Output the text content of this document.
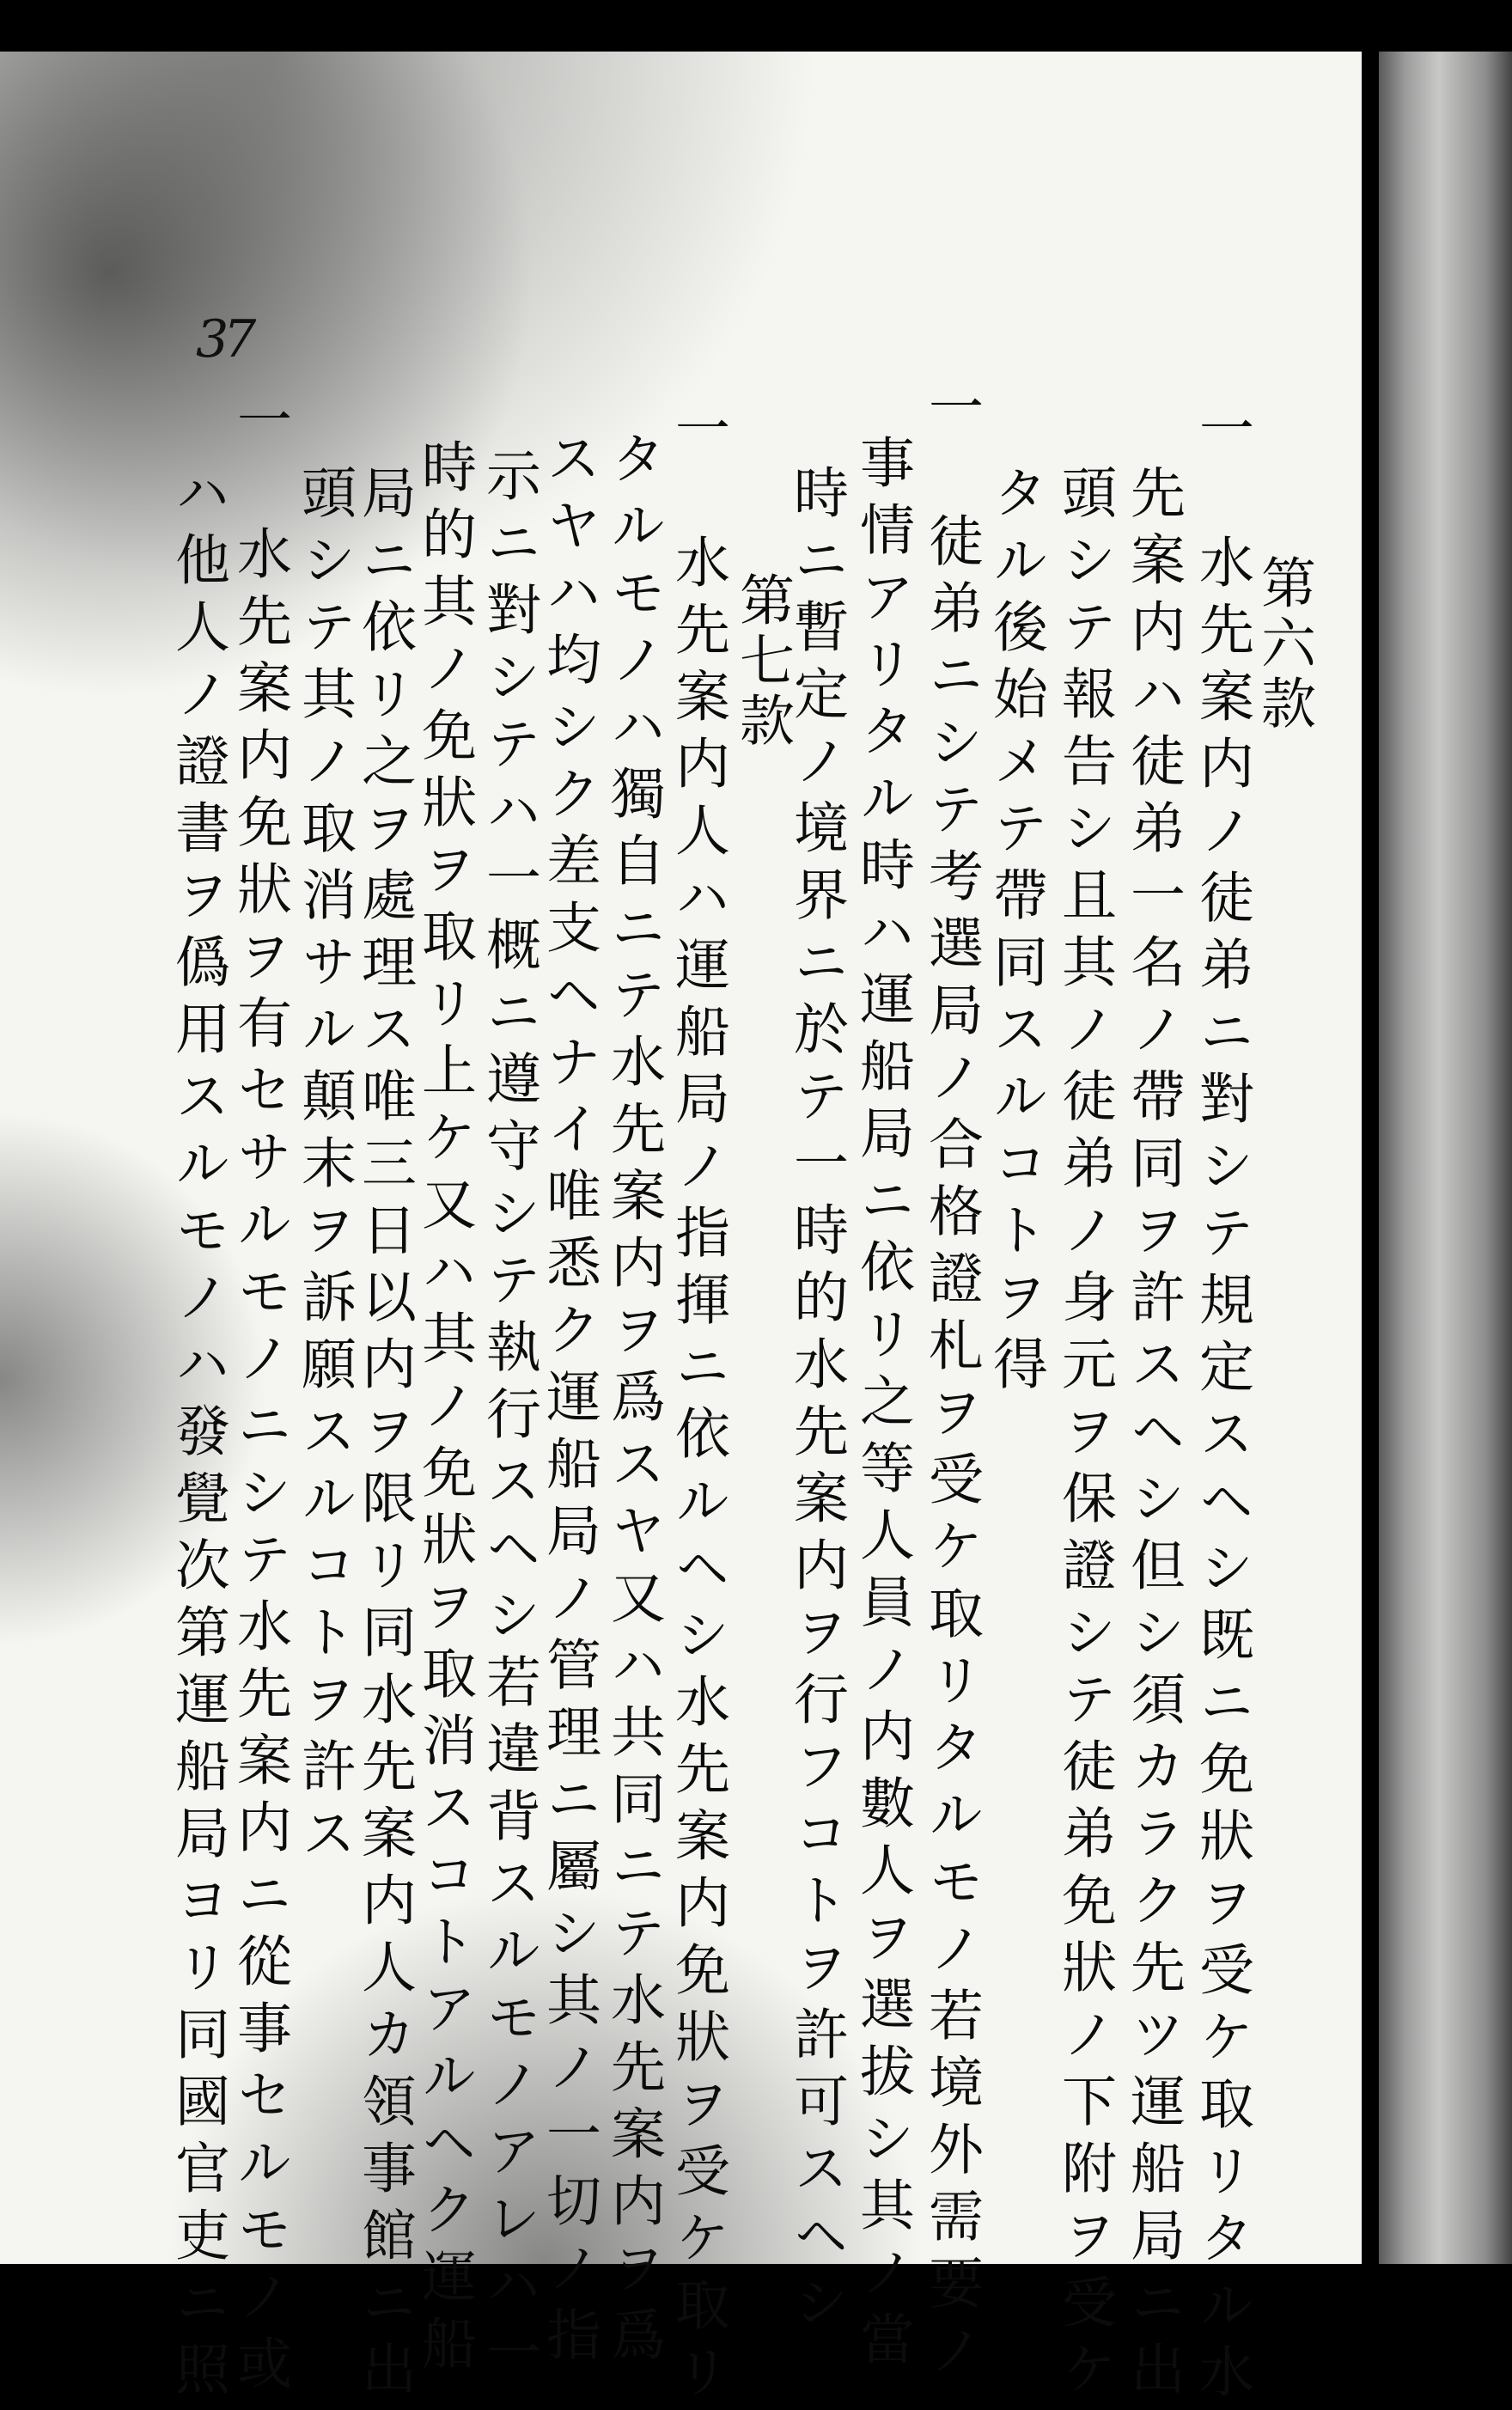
37
第六款
一　水先案内ノ徒弟ニ對シテ規定スヘシ既ニ免狀ヲ受ケ取リタル水
先案内ハ徒弟一名ノ帶同ヲ許スヘシ但シ須カラク先ツ運船局ニ出
頭シテ報告シ且其ノ徒弟ノ身元ヲ保證シテ徒弟免狀ノ下附ヲ受ケ
タル後始メテ帶同スルコトヲ得
一　徒弟ニシテ考選局ノ合格證札ヲ受ケ取リタルモノ若境外需要ノ
事情アリタル時ハ運船局ニ依リ之等人員ノ内數人ヲ選拔シ其ノ當
時ニ暫定ノ境界ニ於テ一時的水先案内ヲ行フコトヲ許可スヘシ
第七款
一　水先案内人ハ運船局ノ指揮ニ依ルヘシ水先案内免狀ヲ受ケ取リ
タルモノハ獨自ニテ水先案内ヲ爲スヤ又ハ共同ニテ水先案内ヲ爲
スヤハ均シク差支ヘナイ唯悉ク運船局ノ管理ニ屬シ其ノ一切ノ指
示ニ對シテハ一概ニ遵守シテ執行スヘシ若違背スルモノアレハ一
時的其ノ免狀ヲ取リ上ケ又ハ其ノ免狀ヲ取消スコトアルヘク運船
局ニ依リ之ヲ處理ス唯三日以内ヲ限リ同水先案内人カ領事館ニ出
頭シテ其ノ取消サル顛末ヲ訴願スルコトヲ許ス
一　水先案内免狀ヲ有セサルモノニシテ水先案内ニ從事セルモノ或
ハ他人ノ證書ヲ僞用スルモノハ發覺次第運船局ヨリ同國官吏ニ照
